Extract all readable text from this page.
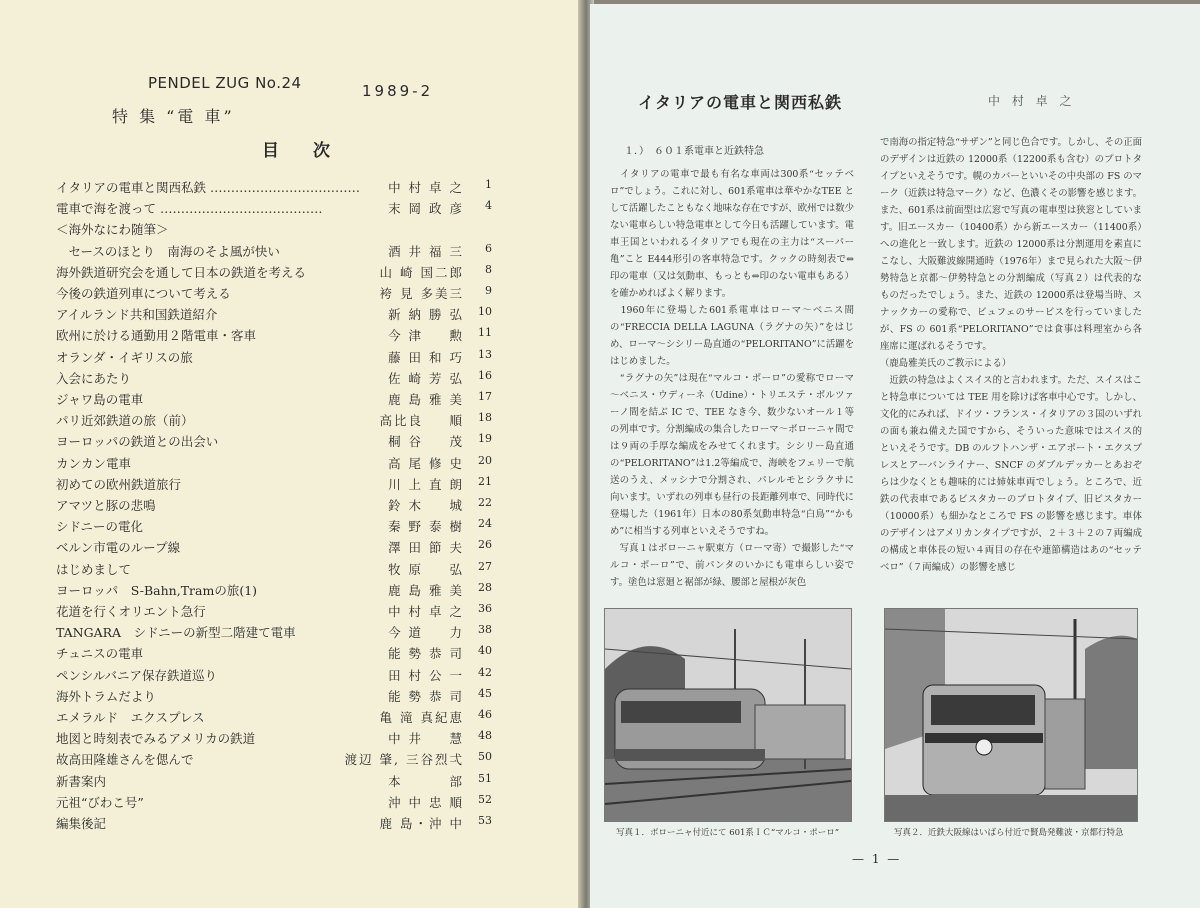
PENDEL ZUG No.24	1989-2
特 集 “電 車”
目　　次
イタリアの電車と関西私鉄 ……………………………… 中 村 卓 之	1
電車で海を渡って …………………………………	末 岡 政 彦	4
＜海外なにわ随筆＞
　セースのほとり　南海のそよ風が快い	酒 井 福 三	6
海外鉄道研究会を通して日本の鉄道を考える	山 崎 国二郎	8
今後の鉄道列車について考える	袴 見 多美三	9
アイルランド共和国鉄道紹介	新 納 勝 弘	10
欧州に於ける通勤用２階電車・客車	今 津 　 勲	11
オランダ・イギリスの旅	藤 田 和 巧	13
入会にあたり	佐 崎 芳 弘	16
ジャワ島の電車	鹿 島 雅 美	17
パリ近郊鉄道の旅（前）	高比良 　 順	18
ヨーロッパの鉄道との出会い	桐 谷 　 茂	19
カンカン電車	高 尾 修 史	20
初めての欧州鉄道旅行	川 上 直 朗	21
アマツと豚の悲鳴	鈴 木 　 城	22
シドニーの電化	秦 野 泰 樹	24
ベルン市電のループ線	澤 田 節 夫	26
はじめまして	牧 原 　 弘	27
ヨーロッパ　S-Bahn,Tramの旅(1)	鹿 島 雅 美	28
花道を行くオリエント急行	中 村 卓 之	36
TANGARA　シドニーの新型二階建て電車	今 道 　 力	38
チュニスの電車	能 勢 恭 司	40
ペンシルバニア保存鉄道巡り	田 村 公 一	42
海外トラムだより	能 勢 恭 司	45
エメラルド　エクスプレス	亀 滝 真紀恵	46
地図と時刻表でみるアメリカの鉄道	中 井 　 慧	48
故高田隆雄さんを偲んで	渡辺 肇, 三谷烈弌	50
新書案内	本 　 　 部	51
元祖“びわこ号”	沖 中 忠 順	52
編集後記	鹿 島・沖 中	53
イタリアの電車と関西私鉄	中 村 卓 之
１．）　６０１系電車と近鉄特急

　イタリアの電車で最も有名な車両は300系“セッテベロ”でしょう。これに対し、601系電車は華やかなTEE として活躍したこともなく地味な存在ですが、欧州では数少ない電車らしい特急電車として今日も活躍しています。電車王国といわれるイタリアでも現在の主力は“スーパー亀”こと E444形引の客車特急です。クックの時刻表で⇔印の電車（又は気動車、もっとも⇔印のない電車もある）を確かめればよく解ります。

　1960年に登場した601系電車はローマ～ベニス間の“FRECCIA DELLA LAGUNA（ラグナの矢）”をはじめ、ローマ～シシリー島直通の“PELORITANO”に活躍をはじめました。

　“ラグナの矢”は現在“マルコ・ポーロ”の愛称でローマ～ベニス・ウディーネ（Udine）・トリエステ・ボルツァーノ間を結ぶ IC で、TEE なき今、数少ないオール１等の列車です。分割編成の集合したローマ～ボローニャ間では９両の手厚な編成をみせてくれます。シシリー島直通の“PELORITANO”は1.2等編成で、海峡をフェリーで航送のうえ、メッシナで分割され、パレルモとシラクサに向います。いずれの列車も昼行の長距離列車で、同時代に登場した（1961年）日本の80系気動車特急“白鳥”“かもめ”に相当する列車といえそうですね。

　写真１はボローニャ駅東方（ローマ寄）で撮影した“マルコ・ポーロ”で、前パンタのいかにも電車らしい姿です。塗色は窓廻と裾部が緑、腰部と屋根が灰色

で南海の指定特急“サザン”と同じ色合です。しかし、その正面のデザインは近鉄の 12000系（12200系も含む）のプロトタイプといえそうです。幌のカバーといいその中央部の FS のマーク（近鉄は特急マーク）など、色濃くその影響を感じます。また、601系は前面型は広窓で写真の電車型は狭窓としています。旧エースカー（10400系）から新エースカー（11400系）への進化と一致します。近鉄の 12000系は分割運用を素直にこなし、大阪難波線開通時（1976年）まで見られた大阪～伊勢特急と京都～伊勢特急との分割編成（写真２）は代表的なものだったでしょう。また、近鉄の 12000系は登場当時、スナックカーの愛称で、ビュフェのサービスを行っていましたが、FS の 601系“PELORITANO”では食事は料理室から各座席に運ばれるそうです。

（鹿島雅美氏のご教示による）

　近鉄の特急はよくスイス的と言われます。ただ、スイスはこと特急車については TEE 用を除けば客車中心です。しかし、文化的にみれば、ドイツ・フランス・イタリアの３国のいずれの面も兼ね備えた国ですから、そういった意味ではスイス的といえそうです。DB のルフトハンザ・エアポート・エクスプレスとアーバンライナー、SNCF のダブルデッカーとあおぞらは少なくとも趣味的には姉妹車両でしょう。ところで、近鉄の代表車であるビスタカーのプロトタイプ、旧ビスタカー（10000系）も細かなところで FS の影響を感じます。車体のデザインはアメリカンタイプですが、２＋３＋２の７両編成の構成と車体長の短い４両目の存在や連節構造はあの“セッテベロ”（７両編成）の影響を感じ

写真１．ボローニャ付近にて 601系ＩＣ“マルコ・ポーロ”	写真２．近鉄大阪線はいばら付近で賢島発難波・京都行特急
— 1 —
